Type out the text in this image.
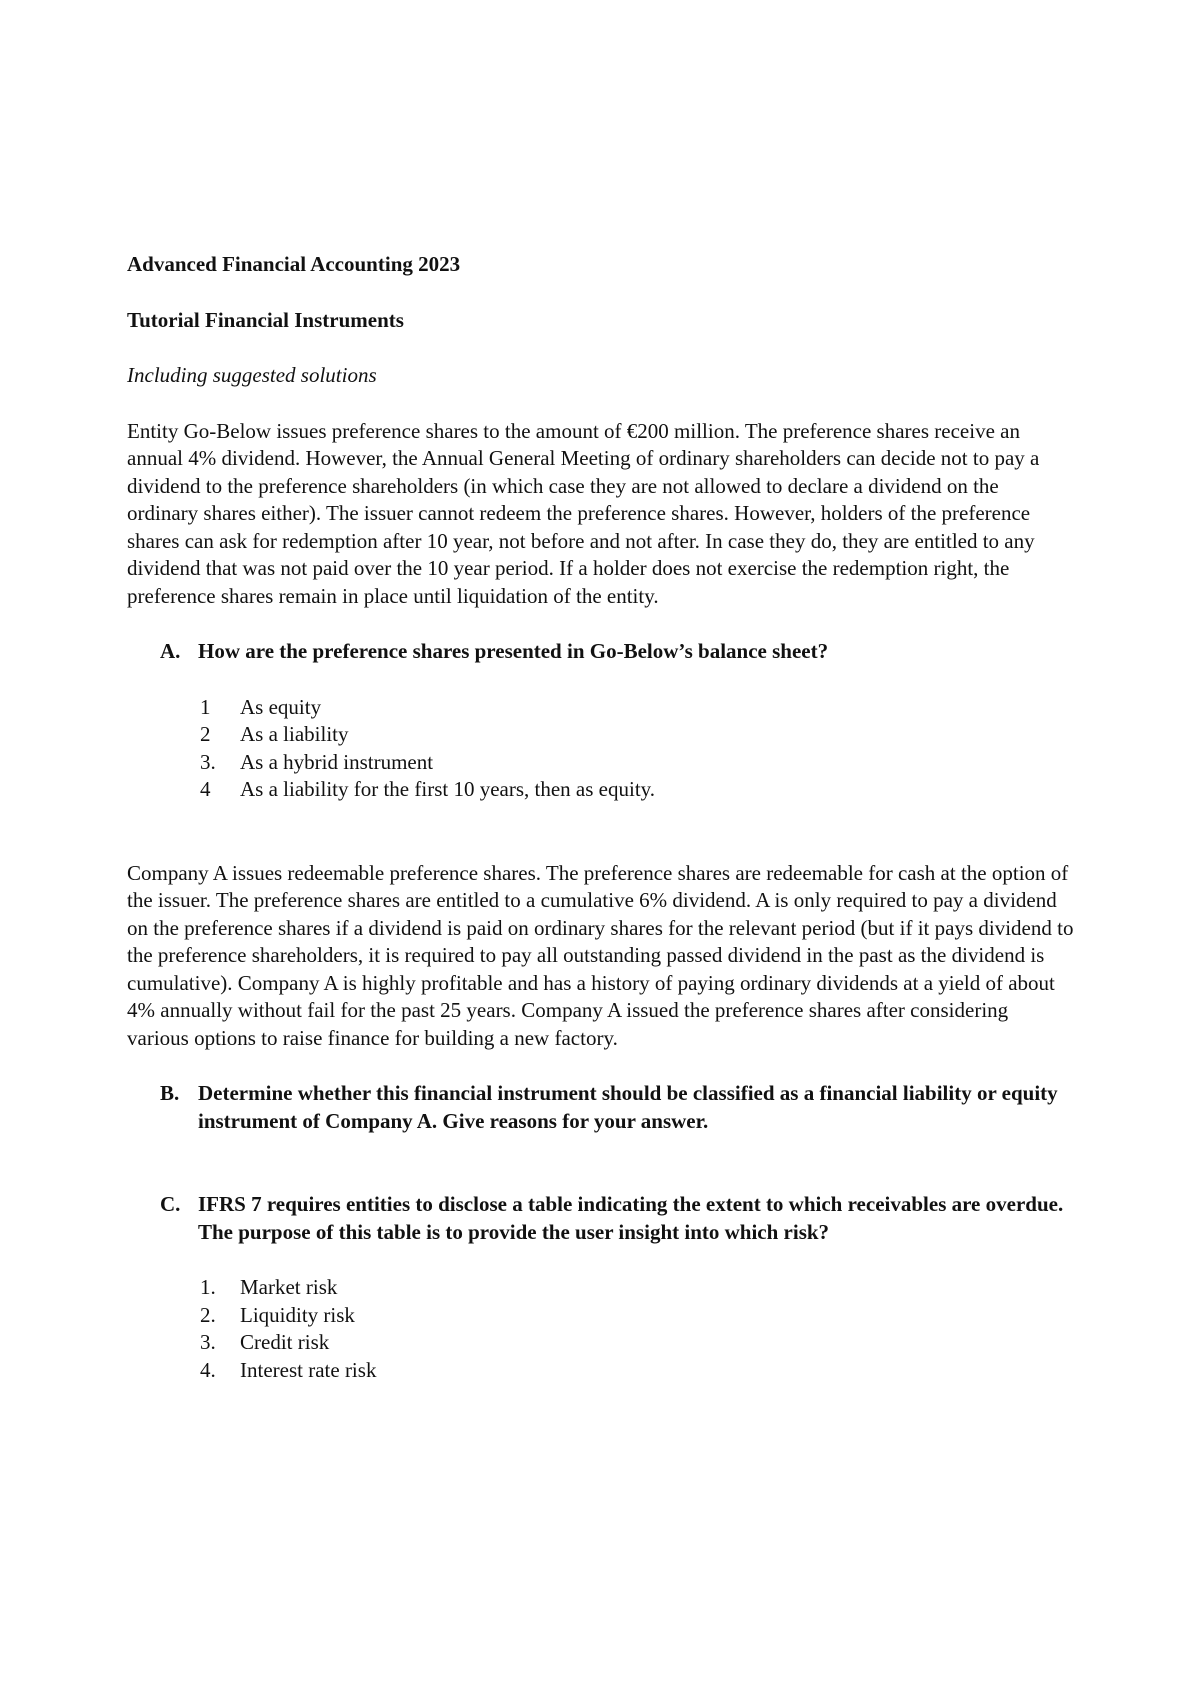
Advanced Financial Accounting 2023

Tutorial Financial Instruments

Including suggested solutions

Entity Go-Below issues preference shares to the amount of €200 million. The preference shares receive an annual 4% dividend. However, the Annual General Meeting of ordinary shareholders can decide not to pay a dividend to the preference shareholders (in which case they are not allowed to declare a dividend on the ordinary shares either). The issuer cannot redeem the preference shares. However, holders of the preference shares can ask for redemption after 10 year, not before and not after. In case they do, they are entitled to any dividend that was not paid over the 10 year period. If a holder does not exercise the redemption right, the preference shares remain in place until liquidation of the entity.

A. How are the preference shares presented in Go-Below’s balance sheet?
1	As equity
2	As a liability
3.	As a hybrid instrument
4	As a liability for the first 10 years, then as equity.

Company A issues redeemable preference shares. The preference shares are redeemable for cash at the option of the issuer. The preference shares are entitled to a cumulative 6% dividend. A is only required to pay a dividend on the preference shares if a dividend is paid on ordinary shares for the relevant period (but if it pays dividend to the preference shareholders, it is required to pay all outstanding passed dividend in the past as the dividend is cumulative). Company A is highly profitable and has a history of paying ordinary dividends at a yield of about 4% annually without fail for the past 25 years. Company A issued the preference shares after considering various options to raise finance for building a new factory.

B. Determine whether this financial instrument should be classified as a financial liability or equity instrument of Company A. Give reasons for your answer.
C. IFRS 7 requires entities to disclose a table indicating the extent to which receivables are overdue. The purpose of this table is to provide the user insight into which risk?
1.	Market risk
2.	Liquidity risk
3.	Credit risk
4.	Interest rate risk
